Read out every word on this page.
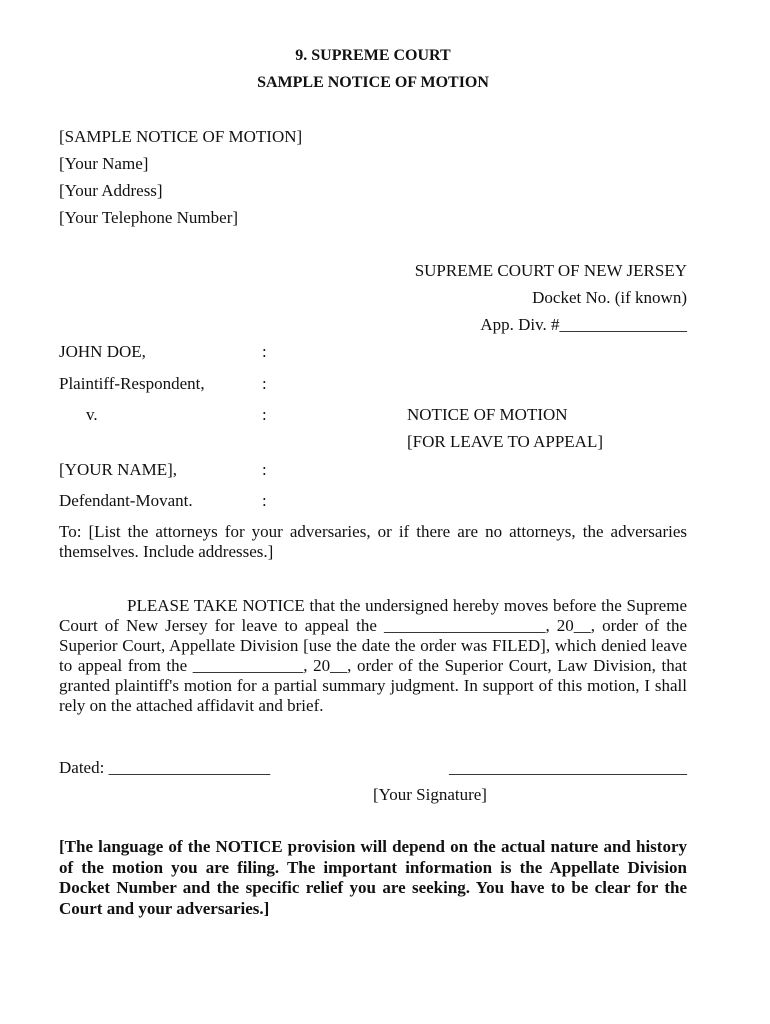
9. SUPREME COURT
SAMPLE NOTICE OF MOTION
[SAMPLE NOTICE OF MOTION]
[Your Name]
[Your Address]
[Your Telephone Number]
SUPREME COURT OF NEW JERSEY
Docket No. (if known)
App. Div. #_______________
JOHN DOE,	:
Plaintiff-Respondent,	:
v.	:	NOTICE OF MOTION
[FOR LEAVE TO APPEAL]
[YOUR NAME],	:
Defendant-Movant.	:
To: [List the attorneys for your adversaries, or if there are no attorneys, the adversaries themselves. Include addresses.]
PLEASE TAKE NOTICE that the undersigned hereby moves before the Supreme Court of New Jersey for leave to appeal the ___________________, 20__, order of the Superior Court, Appellate Division [use the date the order was FILED], which denied leave to appeal from the _____________, 20__, order of the Superior Court, Law Division, that granted plaintiff's motion for a partial summary judgment. In support of this motion, I shall rely on the attached affidavit and brief.
Dated: ___________________	____________________________
[Your Signature]
[The language of the NOTICE provision will depend on the actual nature and history of the motion you are filing. The important information is the Appellate Division Docket Number and the specific relief you are seeking. You have to be clear for the Court and your adversaries.]
